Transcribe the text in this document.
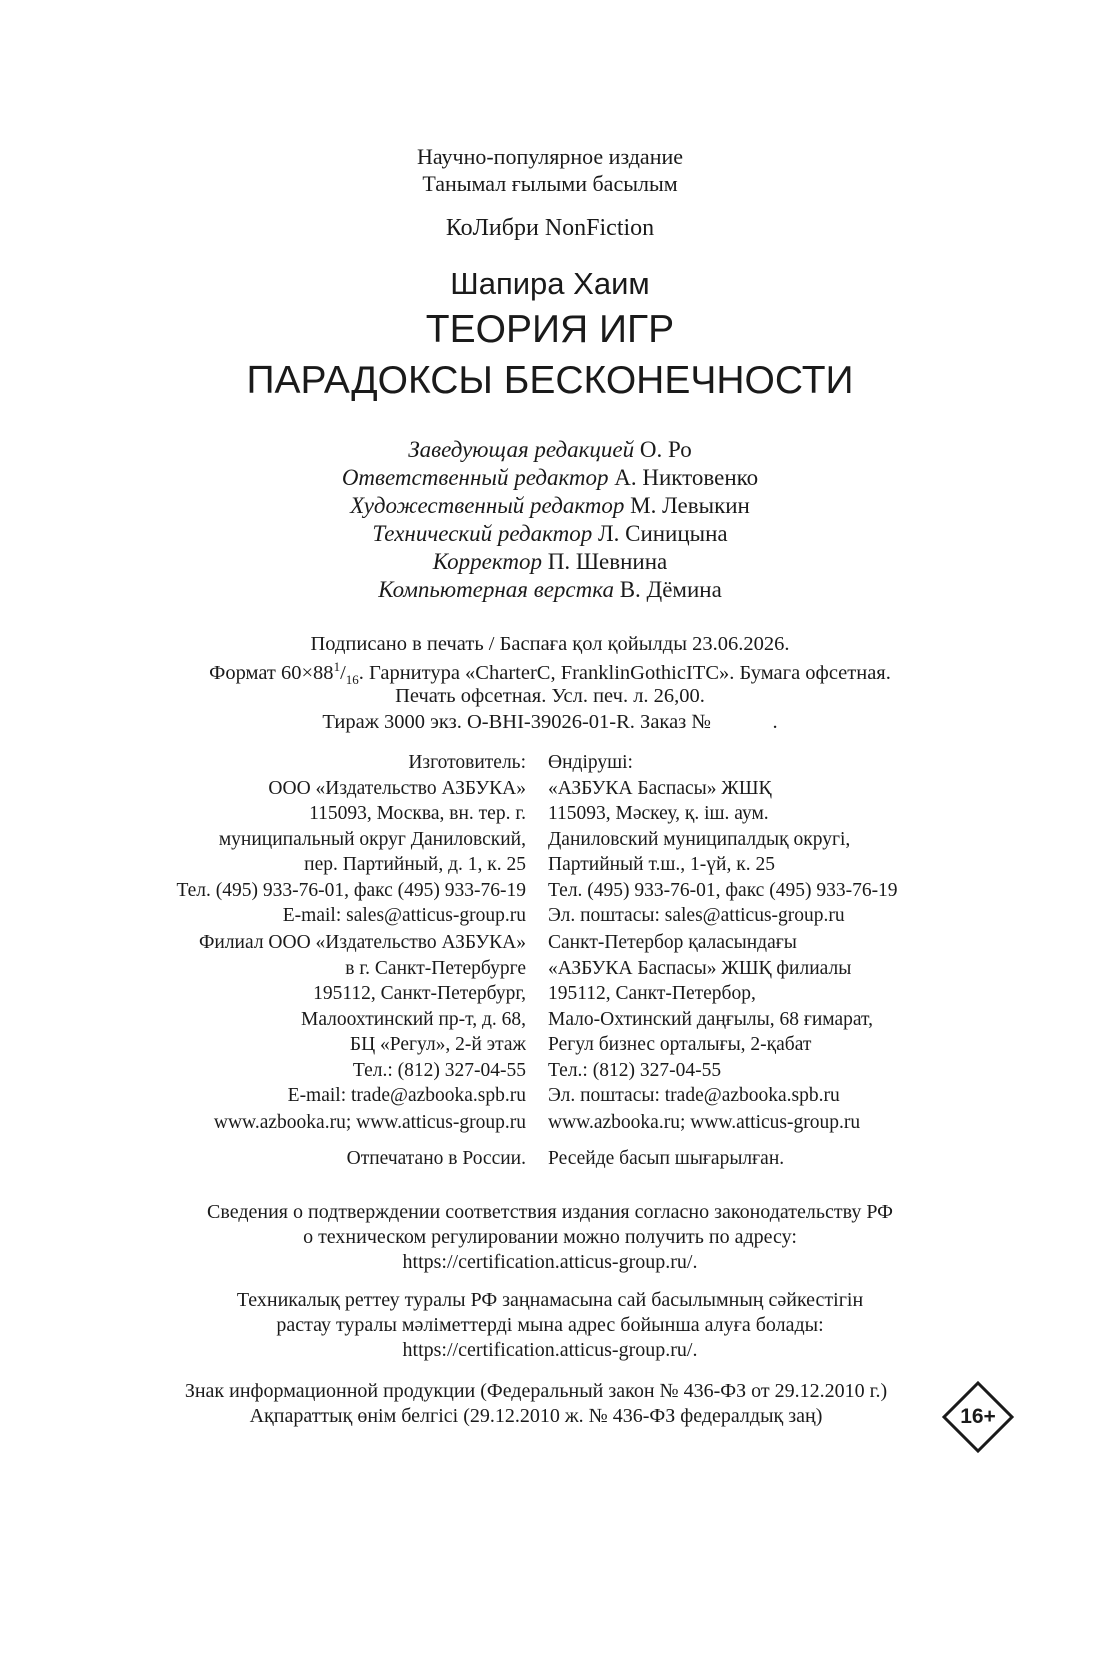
Научно-популярное издание
Танымал ғылыми басылым
КоЛибри NonFiction
Шапира Хаим
ТЕОРИЯ ИГР
ПАРАДОКСЫ БЕСКОНЕЧНОСТИ
Заведующая редакцией О. Ро
Ответственный редактор А. Никтовенко
Художественный редактор М. Левыкин
Технический редактор Л. Синицына
Корректор П. Шевнина
Компьютерная верстка В. Дёмина
Подписано в печать / Баспаға қол қойылды 23.06.2026.
Формат $60\times 88^1/_{16}$. Гарнитура «CharterC, FranklinGothicITC». Бумага офсетная.
Печать офсетная. Усл. печ. л. 26,00.
Тираж 3000 экз. O-BHI-39026-01-R. Заказ №            .
Изготовитель:
ООО «Издательство АЗБУКА»
115093, Москва, вн. тер. г.
муниципальный округ Даниловский,
пер. Партийный, д. 1, к. 25
Тел. (495) 933-76-01, факс (495) 933-76-19
E-mail: sales@atticus-group.ru
Өндіруші:
«АЗБУКА Баспасы» ЖШҚ
115093, Мәскеу, қ. іш. аум.
Даниловский муниципалдық округі,
Партийный т.ш., 1-үй, к. 25
Тел. (495) 933-76-01, факс (495) 933-76-19
Эл. поштасы: sales@atticus-group.ru
Филиал ООО «Издательство АЗБУКА»
в г. Санкт-Петербурге
195112, Санкт-Петербург,
Малоохтинский пр-т, д. 68,
БЦ «Регул», 2-й этаж
Тел.: (812) 327-04-55
E-mail: trade@azbooka.spb.ru
Санкт-Петербор қаласындағы
«АЗБУКА Баспасы» ЖШҚ филиалы
195112, Санкт-Петербор,
Мало-Охтинский даңғылы, 68 ғимарат,
Регул бизнес орталығы, 2-қабат
Тел.: (812) 327-04-55
Эл. поштасы: trade@azbooka.spb.ru
www.azbooka.ru; www.atticus-group.ru www.azbooka.ru; www.atticus-group.ru
Отпечатано в России. Ресейде басып шығарылған.
Сведения о подтверждении соответствия издания согласно законодательству РФ
о техническом регулировании можно получить по адресу:
https://certification.atticus-group.ru/.
Техникалық реттеу туралы РФ заңнамасына сай басылымның сәйкестігін
растау туралы мәліметтерді мына адрес бойынша алуға болады:
https://certification.atticus-group.ru/.
Знак информационной продукции (Федеральный закон № 436-ФЗ от 29.12.2010 г.)
Ақпараттық өнім белгісі (29.12.2010 ж. № 436-ФЗ федералдық заң)	16+
